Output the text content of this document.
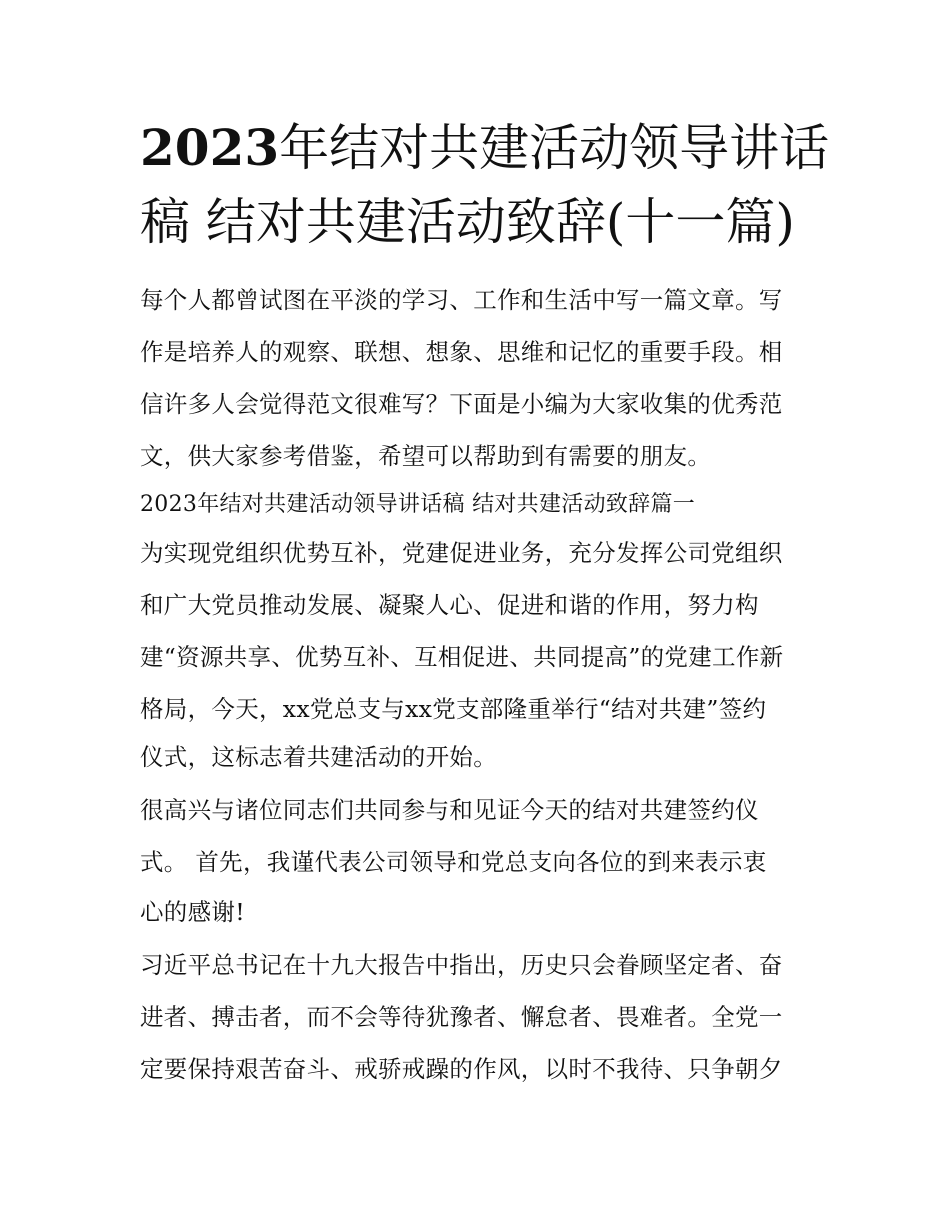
2023年结对共建活动领导讲话
稿 结对共建活动致辞(十一篇)
每个人都曾试图在平淡的学习、工作和生活中写一篇文章。写
作是培养人的观察、联想、想象、思维和记忆的重要手段。相
信许多人会觉得范文很难写？下面是小编为大家收集的优秀范
文，供大家参考借鉴，希望可以帮助到有需要的朋友。
2023年结对共建活动领导讲话稿 结对共建活动致辞篇一
为实现党组织优势互补，党建促进业务，充分发挥公司党组织
和广大党员推动发展、凝聚人心、促进和谐的作用，努力构
建“资源共享、优势互补、互相促进、共同提高”的党建工作新
格局，今天，xx党总支与xx党支部隆重举行“结对共建”签约
仪式，这标志着共建活动的开始。
很高兴与诸位同志们共同参与和见证今天的结对共建签约仪
式。 首先，我谨代表公司领导和党总支向各位的到来表示衷
心的感谢!
习近平总书记在十九大报告中指出，历史只会眷顾坚定者、奋
进者、搏击者，而不会等待犹豫者、懈怠者、畏难者。全党一
定要保持艰苦奋斗、戒骄戒躁的作风，以时不我待、只争朝夕
